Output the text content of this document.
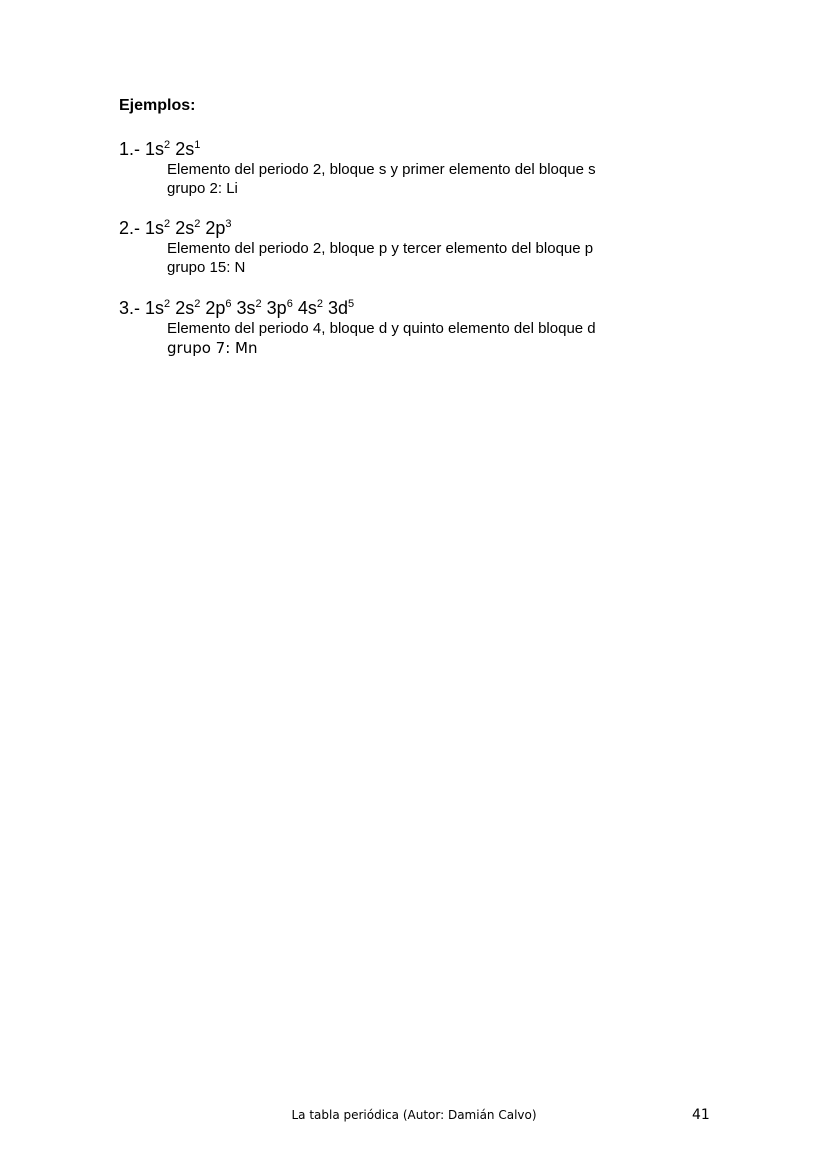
Ejemplos:
1.- $1s^2$ $2s^1$
Elemento del periodo 2, bloque s y primer elemento del bloque s
grupo 2: Li
2.- $1s^2$ $2s^2$ $2p^3$
Elemento del periodo 2, bloque p y tercer elemento del bloque p
grupo 15: N
3.- $1s^2$ $2s^2$ $2p^6$ $3s^2$ $3p^6$ $4s^2$ $3d^5$
Elemento del periodo 4, bloque d y quinto elemento del bloque d
grupo 7: Mn
La tabla periódica (Autor: Damián Calvo)	41
